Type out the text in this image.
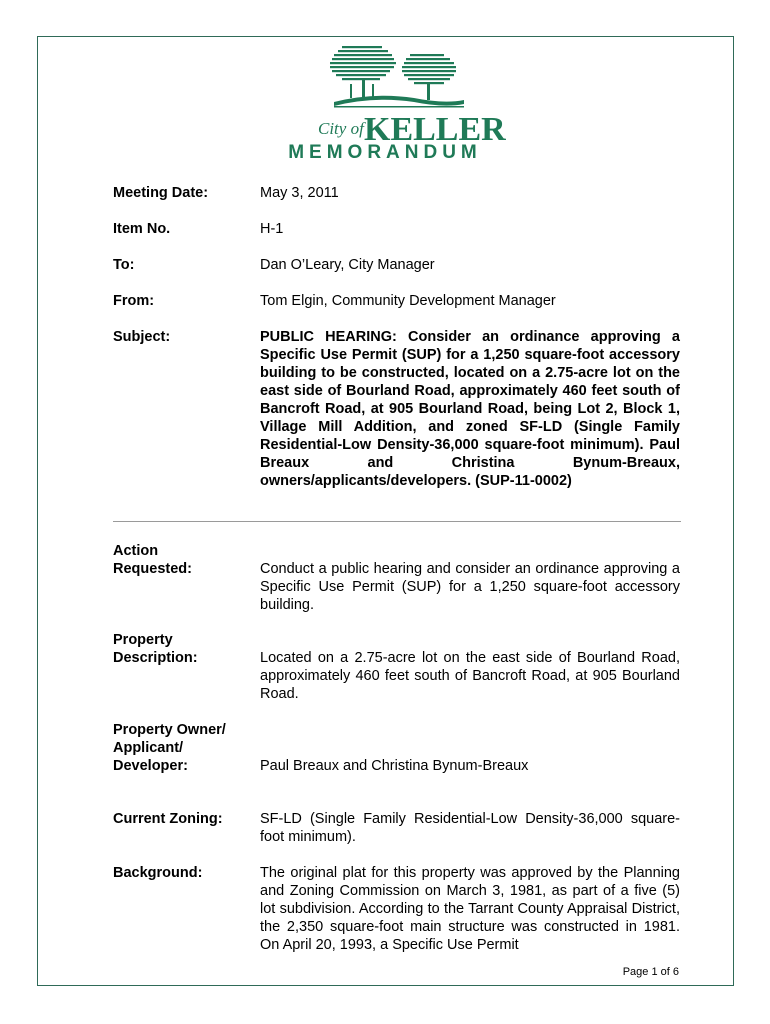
City of KELLER
MEMORANDUM
Meeting Date:	May 3, 2011
Item No.	H-1
To:	Dan O’Leary, City Manager
From:	Tom Elgin, Community Development Manager
Subject:	PUBLIC HEARING: Consider an ordinance approving a Specific Use Permit (SUP) for a 1,250 square-foot accessory building to be constructed, located on a 2.75-acre lot on the east side of Bourland Road, approximately 460 feet south of Bancroft Road, at 905 Bourland Road, being Lot 2, Block 1, Village Mill Addition, and zoned SF-LD (Single Family Residential-Low Density-36,000 square-foot minimum). Paul Breaux and Christina Bynum-Breaux, owners/applicants/developers. (SUP-11-0002)
Action
Requested:	Conduct a public hearing and consider an ordinance approving a Specific Use Permit (SUP) for a 1,250 square-foot accessory building.
Property
Description:	Located on a 2.75-acre lot on the east side of Bourland Road, approximately 460 feet south of Bancroft Road, at 905 Bourland Road.
Property Owner/
Applicant/
Developer:	Paul Breaux and Christina Bynum-Breaux
Current Zoning:	SF-LD (Single Family Residential-Low Density-36,000 square-foot minimum).
Background:	The original plat for this property was approved by the Planning and Zoning Commission on March 3, 1981, as part of a five (5) lot subdivision. According to the Tarrant County Appraisal District, the 2,350 square-foot main structure was constructed in 1981. On April 20, 1993, a Specific Use Permit
Page 1 of 6
